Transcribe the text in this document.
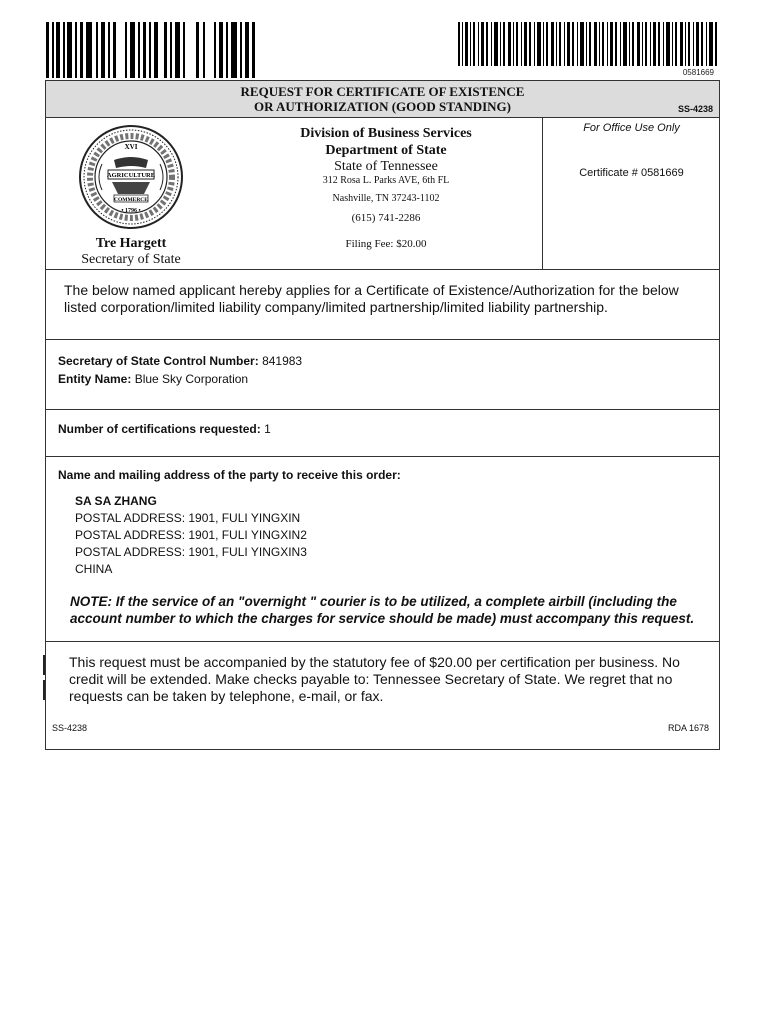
0581669
REQUEST FOR CERTIFICATE OF EXISTENCE
OR AUTHORIZATION (GOOD STANDING)	SS-4238
XVI
AGRICULTURE
COMMERCE
• 1796 •
Tre Hargett
Secretary of State
Division of Business Services
Department of State
State of Tennessee
312 Rosa L. Parks AVE, 6th FL
Nashville, TN 37243-1102
(615) 741-2286
Filing Fee: $20.00
For Office Use Only
Certificate # 0581669
The below named applicant hereby applies for a Certificate of Existence/Authorization for the below listed corporation/limited liability company/limited partnership/limited liability partnership.
Secretary of State Control Number: 841983
Entity Name: Blue Sky Corporation
Number of certifications requested: 1
Name and mailing address of the party to receive this order:
SA SA ZHANG
POSTAL ADDRESS: 1901, FULI YINGXIN
POSTAL ADDRESS: 1901, FULI YINGXIN2
POSTAL ADDRESS: 1901, FULI YINGXIN3
CHINA
NOTE: If the service of an "overnight " courier is to be utilized, a complete airbill (including the account number to which the charges for service should be made) must accompany this request.
This request must be accompanied by the statutory fee of $20.00 per certification per business. No credit will be extended. Make checks payable to: Tennessee Secretary of State. We regret that no requests can be taken by telephone, e-mail, or fax.
SS-4238	RDA 1678
